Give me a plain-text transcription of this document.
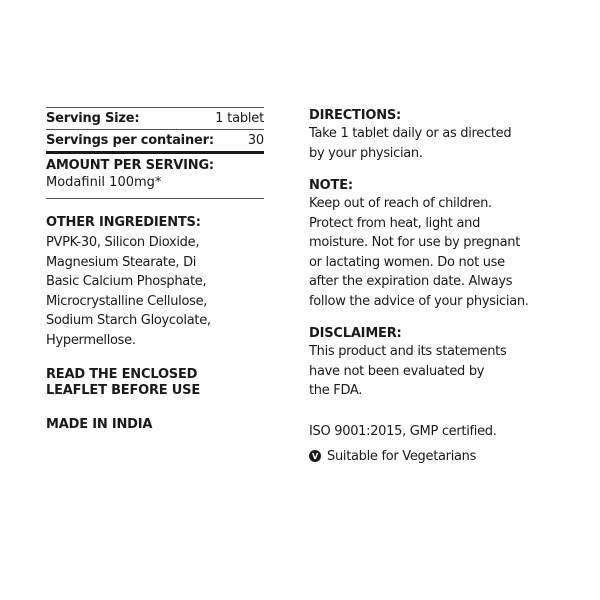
Serving Size:	1 tablet
Servings per container:	30
AMOUNT PER SERVING:
Modafinil 100mg*
OTHER INGREDIENTS:
PVPK-30, Silicon Dioxide,
Magnesium Stearate, Di
Basic Calcium Phosphate,
Microcrystalline Cellulose,
Sodium Starch Gloycolate,
Hypermellose.
READ THE ENCLOSED
LEAFLET BEFORE USE
MADE IN INDIA
DIRECTIONS:
Take 1 tablet daily or as directed
by your physician.
NOTE:
Keep out of reach of children.
Protect from heat, light and
moisture. Not for use by pregnant
or lactating women. Do not use
after the expiration date. Always
follow the advice of your physician.
DISCLAIMER:
This product and its statements
have not been evaluated by
the FDA.
ISO 9001:2015, GMP certified.
V Suitable for Vegetarians
